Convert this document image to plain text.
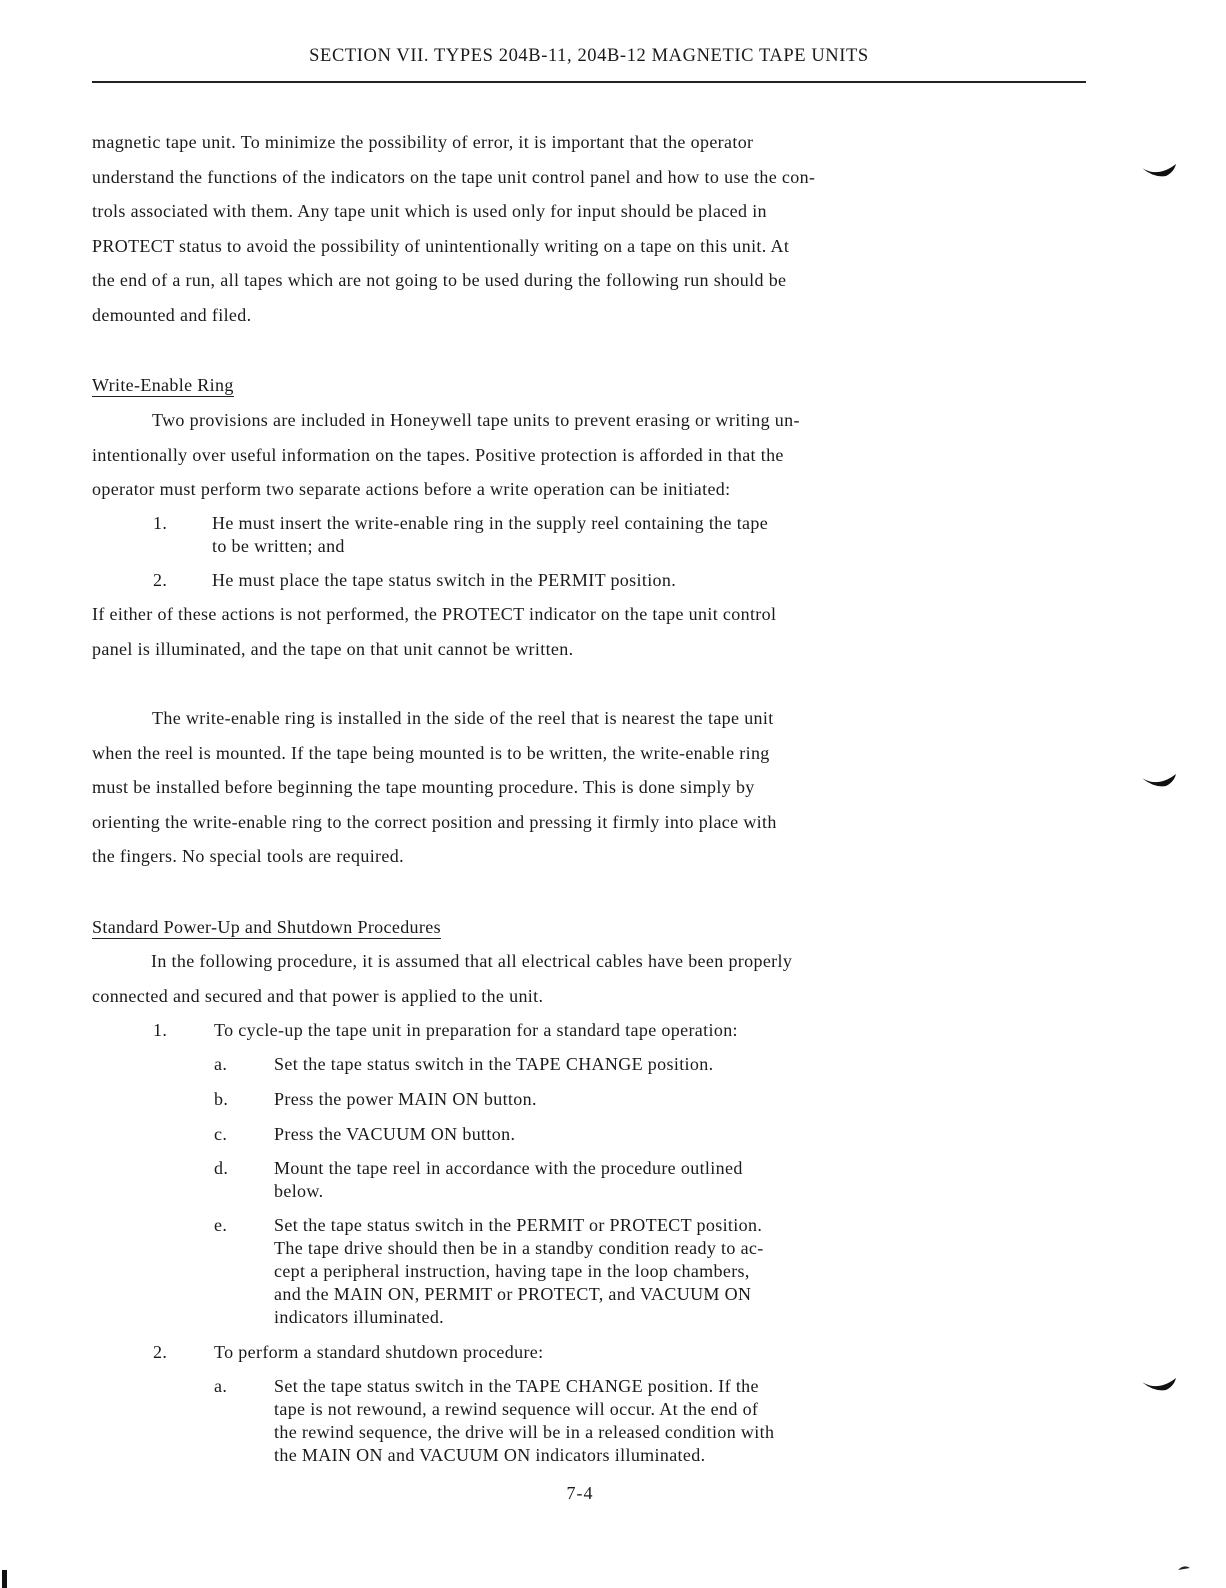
SECTION VII. TYPES 204B-11, 204B-12 MAGNETIC TAPE UNITS
magnetic tape unit. To minimize the possibility of error, it is important that the operator
understand the functions of the indicators on the tape unit control panel and how to use the con-
trols associated with them. Any tape unit which is used only for input should be placed in
PROTECT status to avoid the possibility of unintentionally writing on a tape on this unit. At
the end of a run, all tapes which are not going to be used during the following run should be
demounted and filed.
Write-Enable Ring
Two provisions are included in Honeywell tape units to prevent erasing or writing un-
intentionally over useful information on the tapes. Positive protection is afforded in that the
operator must perform two separate actions before a write operation can be initiated:
1. He must insert the write-enable ring in the supply reel containing the tape
to be written; and
2. He must place the tape status switch in the PERMIT position.
If either of these actions is not performed, the PROTECT indicator on the tape unit control
panel is illuminated, and the tape on that unit cannot be written.
The write-enable ring is installed in the side of the reel that is nearest the tape unit
when the reel is mounted. If the tape being mounted is to be written, the write-enable ring
must be installed before beginning the tape mounting procedure. This is done simply by
orienting the write-enable ring to the correct position and pressing it firmly into place with
the fingers. No special tools are required.
Standard Power-Up and Shutdown Procedures
In the following procedure, it is assumed that all electrical cables have been properly
connected and secured and that power is applied to the unit.
1.	To cycle-up the tape unit in preparation for a standard tape operation:
a.	Set the tape status switch in the TAPE CHANGE position.
b.	Press the power MAIN ON button.
c.	Press the VACUUM ON button.
d.	Mount the tape reel in accordance with the procedure outlined
below.
e.	Set the tape status switch in the PERMIT or PROTECT position.
The tape drive should then be in a standby condition ready to ac-
cept a peripheral instruction, having tape in the loop chambers,
and the MAIN ON, PERMIT or PROTECT, and VACUUM ON
indicators illuminated.
2.	To perform a standard shutdown procedure:
a.	Set the tape status switch in the TAPE CHANGE position. If the
tape is not rewound, a rewind sequence will occur. At the end of
the rewind sequence, the drive will be in a released condition with
the MAIN ON and VACUUM ON indicators illuminated.
7-4
